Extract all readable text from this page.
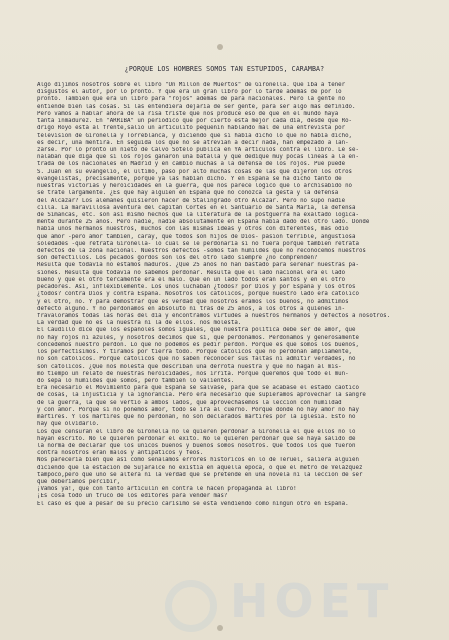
¿PORQUE LOS HOMBRES SOMOS TAN ESTUPIDOS, CARAMBA?
Algo dijimos nosotros sobre el libro "Un Millón de Muertos" de Gironella. Que iba a tener
disgustos el autor, por lo pronto. Y que era un gran libro por lo tarde además de por lo
pronto. También que era un libro para "rojos" además de para nacionales. Pero la gente no
entiende bien las cosas. Si las entendiera dejaría de ser gente, para ser algo mas definido.
Pero vamos a hablar ahora de la risa triste que nos produce eso de que en el mundo haya
tanta inmadurez. En "ARRIBA" un periódico que por cierto está mejor cada día, desde que Ro-
drigo Royo está al frente,salió un artículito pequeñin hablando mal de una entrevista por
televisión de Gironella y Torreblanca, y diciendo que si había dicho lo que no había dicho,
es decir, una mentira. En seguida los que no se atrevían a decir nada, han empezado a lan-
zarse. Por lo pronto un nieto de Calvo Sotelo publica en YA artículos contra el libro. Le se-
ñalaban que diga que si los rojos ganaron una batalla y que dedique muy pocas líneas a la en-
trada de los nacionales en Madrid y en cambio muchas a la defensa de los rojos. Pué puede
S. Juan en su evangelio, el último, pasó por alto muchas cosas de las que dijeron los otros
evangelistas, precisamente, porque ya las habían dicho. Y en España se ha dicho tanto de
nuestras victorias y heroicidades en la guerra, que nos parece lógico que lo archisabido no
se trate largamente. ¿Es que hay alguien en España que no conozca la gesta y la defensa
del Alcázar? Los alemanes quisieron hacer de Stalingrado otro Alcázar. Pero no supo nadie
cilla. La maravillosa aventura del capitán Cortés en el Santuario de Santa María, la defensa
de Simancas, etc. son así mismo hechos que la literatura de la postguerra ha exaltado lógica-
mente durante 25 años. Pero nadie, nadie absolutamente en España había dado del otro lado. Donde
había unos hermanos nuestros, muchos con las mismas ideas y otros con diferentes, mas odio
que amor -pero amor también, caray, que todos son hijos de Dios- pasión terrible, angustiosa
soledades -que retrata Gironella- lo cual se le perdonaría si no fuera porque también retrata
defectos de la zona nacional. Nuestros defectos -somos tan humildes que no reconocemos nuestros
son defectillos. Los pecados gordos son los del otro lado siempre ¿no comprenden?
Resulta que todavía no estamos maduros. ¿Que 25 años no han bastado para serenar nuestras pa-
siones. Resulta que todavía no sabemos perdonar. Resulta que el lado nacional era el lado
bueno y que el otro tercamente era el malo. Que en un lado todos eran santos y en el otro
pecadores. Así, inflexiblemente. Los unos luchaban ¿todos? por Dios y por España y los otros
¿todos? contra Dios y contra España. Nosotros los católicos, porque nuestro lado era católico
y el otro, no. Y para demostrar que es verdad que nosotros éramos los buenos, no admitimos
defecto alguno. Y no perdonamos en absoluto ni tras de 25 años, a los otros a quienes in-
fravaloramos todas las horas del día y encontramos virtudes a nuestros hermanos y defectos a nosotros.
La verdad que no es la nuestra ni la de ellos. nos molesta.
El Caudillo dice que los españoles somos iguales, que nuestra política debe ser de amor, que
no hay rojos ni azules, y nosotros decimos que sí, que perdonamos. Perdonamos y generosamente
concedemos nuestro perdón. Lo que no podemos es pedir perdón. Porque es que somos los buenos,
los perfectísimos. Y tiramos por tierra todo. Porque católicos que no perdonan ampliamente,
no son católicos. Porque católicos que no saben reconocer sus faltas ni admitir verdades, no
son católicos. ¿Que nos molesta que describan una derrota nuestra y que no hagan al mis-
mo tiempo un relato de nuestras heroicidades, nos irrita. Porque queremos que todo el mun-
do sepa lo humildes que somos, pero también lo valientes.
Era necesario el Movimiento para que España se salvase, para que se acabase el estado caótico
de cosas, la injusticia y la ignorancia. Pero era necesario que supiéramos aprovechar la sangre
de la guerra, la que se vertió a ambos lados, que aprovechásemos la lección con humildad
y con amor. Porque si no ponemos amor, todo se irá al cuerno. Porque donde no hay amor no hay
mártires. Y los mártires que no perdonan, no son declarados mártires por la Iglesia. Esto no
hay que olvidarlo.
Los que censuran el libro de Gironella no le quieren perdonar a Gironella el que ellos no lo
hayan escrito. No le quieren perdonar el éxito. No le quieren perdonar que se haya salido de
la norma de declarar que los únicos buenos y buenos somos nosotros. Que todos los que fueron
contra nosotros eran malos y antipáticos y feos.
Nos parecería bien que así como señalamos errores históricos en lo de Teruel, saliera alguien
diciendo que la estación de Sujaralce no existía en aquella época, o que el metro de Velázquez
tampoco,pero que uno se altera ni la verdad que se pretende en una novela ni la lección de ser
que deberíamos percibir,
¡Vamos ya!, que con tanto artículin en contra le hacen propaganda al libro!
¡Es cosa todo un truco de los editores para vender mas?
El caso es que a pesar de su precio carísimo se está vendiendo como ningún otro en España.
HOET
